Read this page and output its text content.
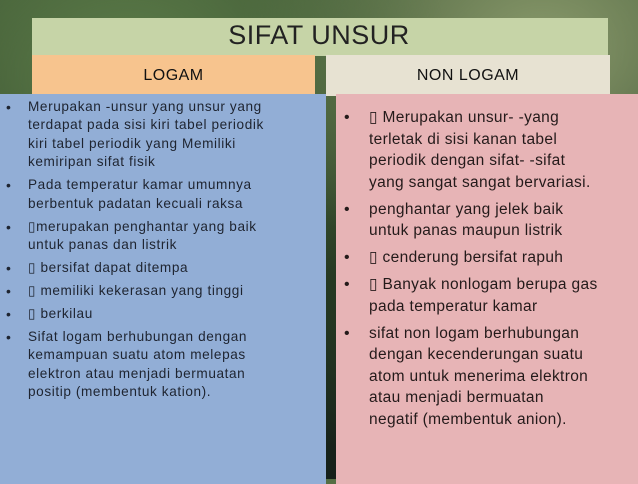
SIFAT UNSUR
LOGAM	NON LOGAM
•	Merupakan -unsur yang unsur yang
terdapat pada sisi kiri tabel periodik
kiri tabel periodik yang Memiliki
kemiripan sifat fisik
•	Pada temperatur kamar umumnya
berbentuk padatan kecuali raksa
•	▯merupakan penghantar yang baik
untuk panas dan listrik
•	▯ bersifat dapat ditempa
•	▯ memiliki kekerasan yang tinggi
•	▯ berkilau
•	Sifat logam berhubungan dengan
kemampuan suatu atom melepas
elektron atau menjadi bermuatan
positip (membentuk kation).
•	▯ Merupakan unsur- -yang
terletak di sisi kanan tabel
periodik dengan sifat- -sifat
yang sangat sangat bervariasi.
•	penghantar yang jelek baik
untuk panas maupun listrik
•	▯ cenderung bersifat rapuh
•	▯ Banyak nonlogam berupa gas
pada temperatur kamar
•	sifat non logam berhubungan
dengan kecenderungan suatu
atom untuk menerima elektron
atau menjadi bermuatan
negatif (membentuk anion).
